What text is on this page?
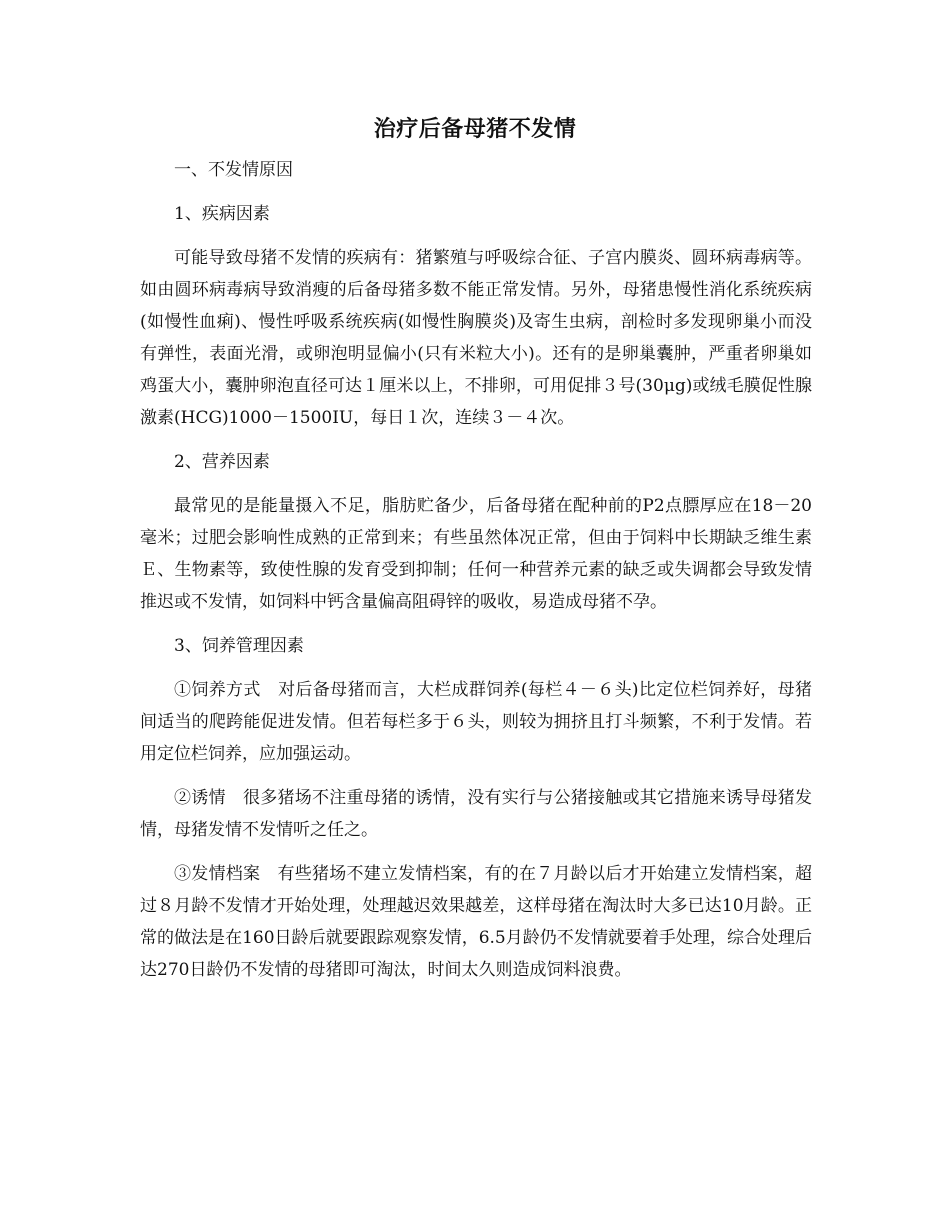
治疗后备母猪不发情

一、不发情原因

1、疾病因素

可能导致母猪不发情的疾病有：猪繁殖与呼吸综合征、子宫内膜炎、圆环病毒病等。如由圆环病毒病导致消瘦的后备母猪多数不能正常发情。另外，母猪患慢性消化系统疾病(如慢性血痢)、慢性呼吸系统疾病(如慢性胸膜炎)及寄生虫病，剖检时多发现卵巢小而没有弹性，表面光滑，或卵泡明显偏小(只有米粒大小)。还有的是卵巢囊肿，严重者卵巢如鸡蛋大小，囊肿卵泡直径可达１厘米以上，不排卵，可用促排３号(30μg)或绒毛膜促性腺激素(HCG)1000－1500IU，每日１次，连续３－４次。

2、营养因素

最常见的是能量摄入不足，脂肪贮备少，后备母猪在配种前的P2点膘厚应在18－20毫米；过肥会影响性成熟的正常到来；有些虽然体况正常，但由于饲料中长期缺乏维生素Ｅ、生物素等，致使性腺的发育受到抑制；任何一种营养元素的缺乏或失调都会导致发情推迟或不发情，如饲料中钙含量偏高阻碍锌的吸收，易造成母猪不孕。

3、饲养管理因素

①饲养方式　对后备母猪而言，大栏成群饲养(每栏４－６头)比定位栏饲养好，母猪间适当的爬跨能促进发情。但若每栏多于６头，则较为拥挤且打斗频繁，不利于发情。若用定位栏饲养，应加强运动。

②诱情　很多猪场不注重母猪的诱情，没有实行与公猪接触或其它措施来诱导母猪发情，母猪发情不发情听之任之。

③发情档案　有些猪场不建立发情档案，有的在７月龄以后才开始建立发情档案，超过８月龄不发情才开始处理，处理越迟效果越差，这样母猪在淘汰时大多已达10月龄。正常的做法是在160日龄后就要跟踪观察发情，6.5月龄仍不发情就要着手处理，综合处理后达270日龄仍不发情的母猪即可淘汰，时间太久则造成饲料浪费。
